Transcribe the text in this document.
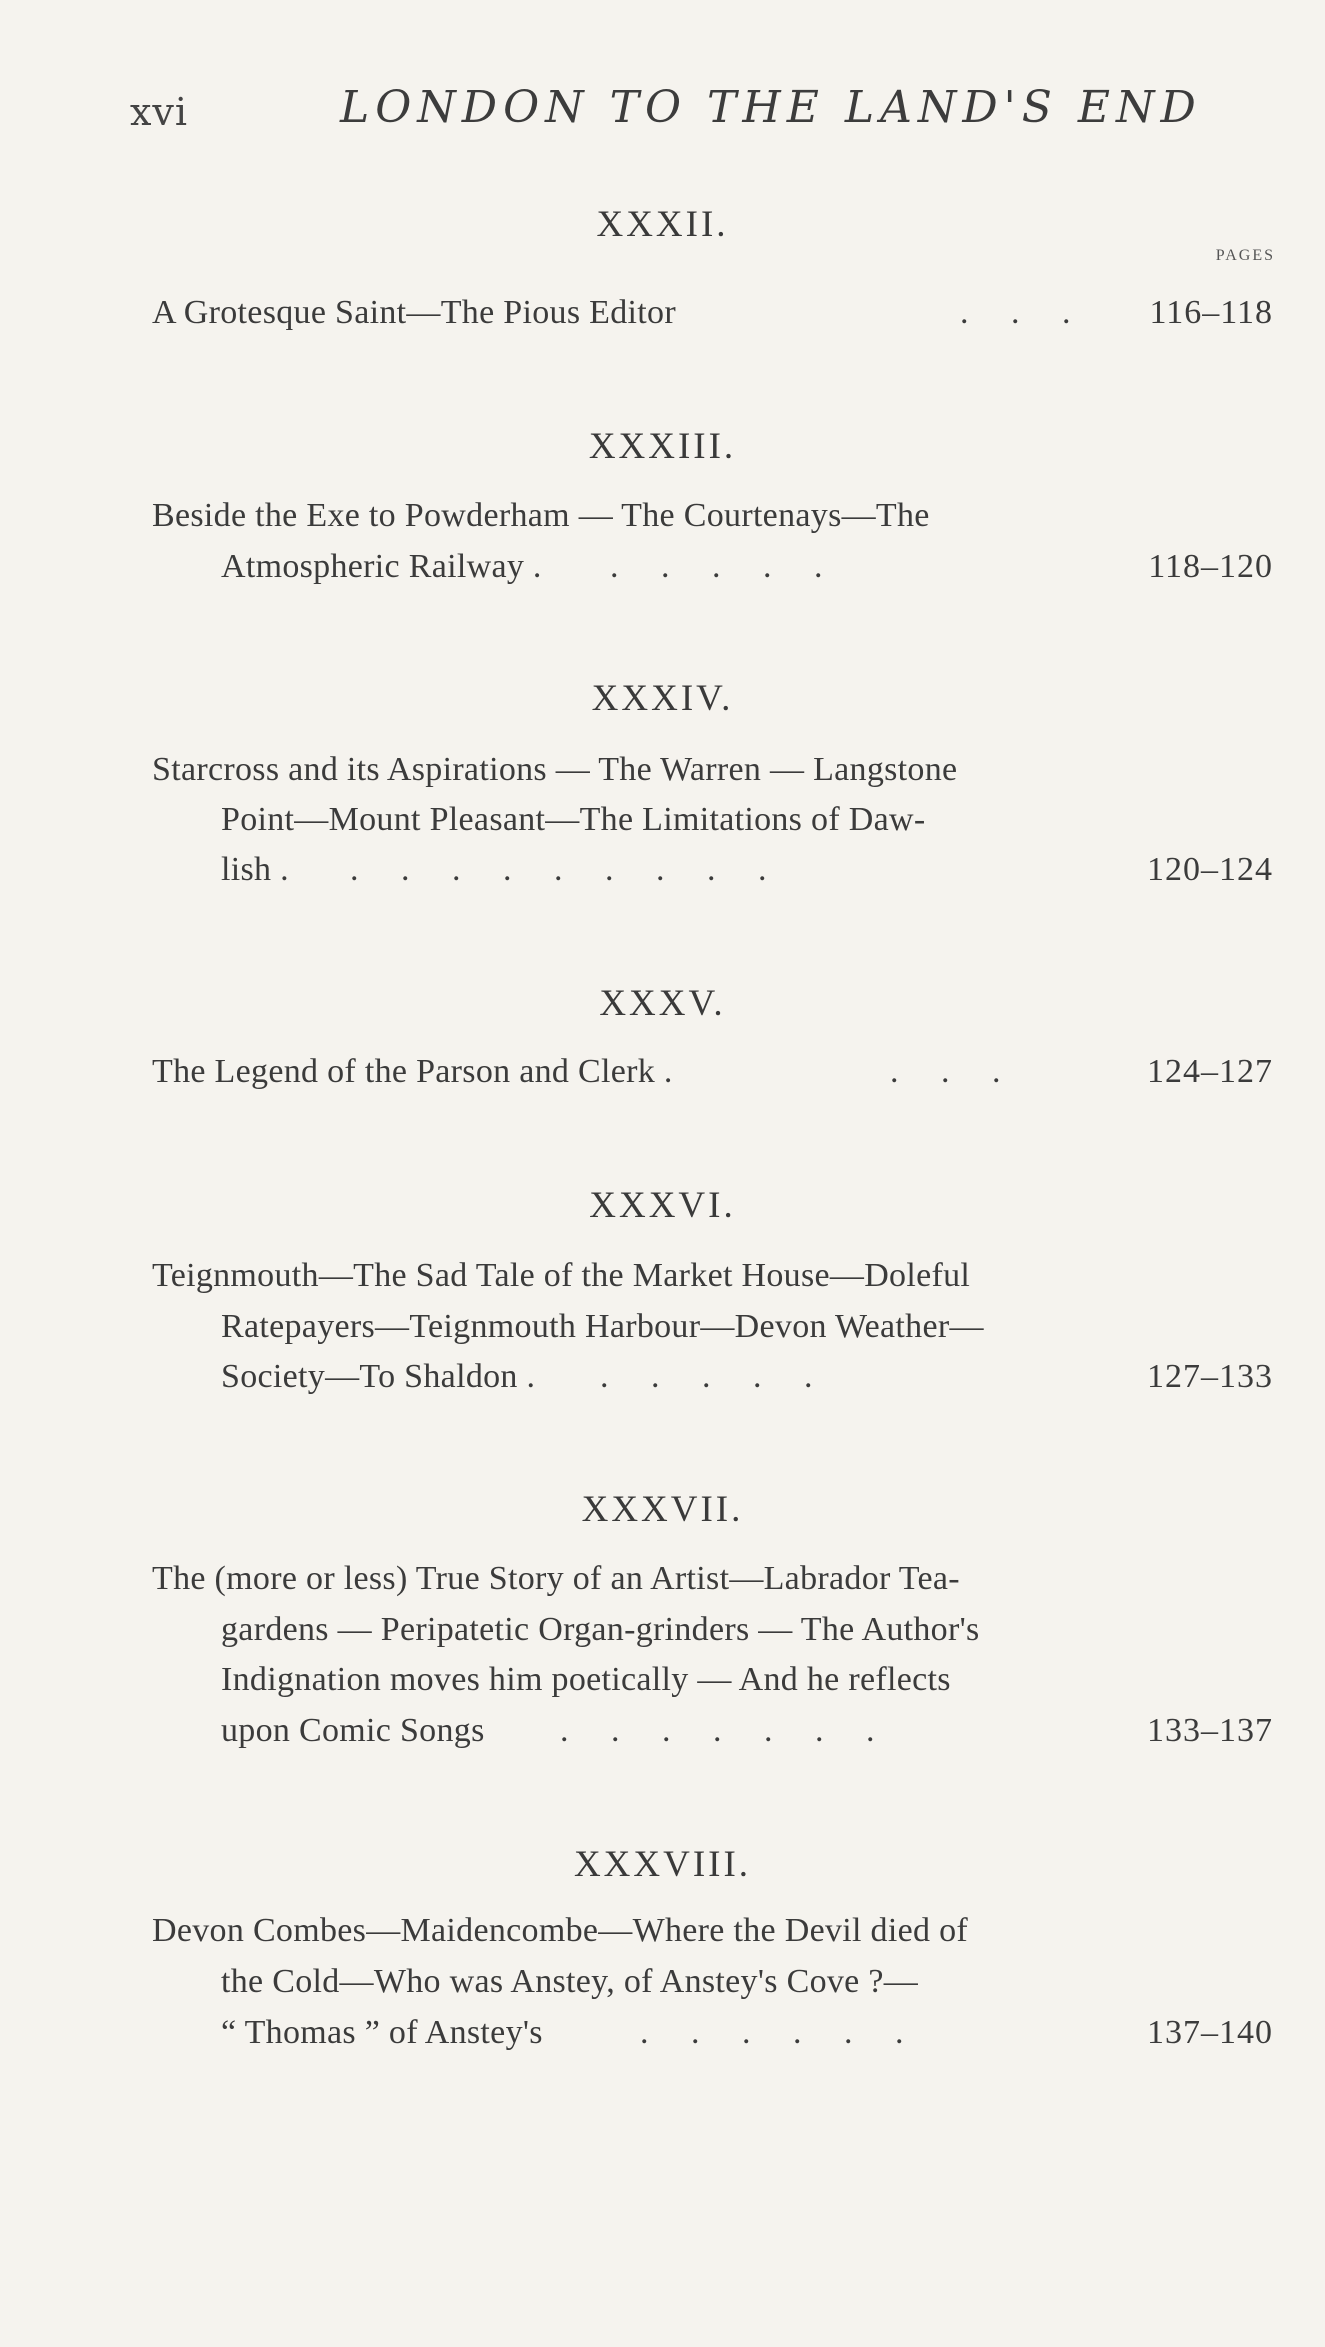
xvi	LONDON TO THE LAND'S END
XXXII.
PAGES
A Grotesque Saint—The Pious Editor	.     .     . 116–118
XXXIII.
Beside the Exe to Powderham — The Courtenays—The
Atmospheric Railway . .     .     .     .     .	118–120
XXXIV.
Starcross and its Aspirations — The Warren — Langstone
Point—Mount Pleasant—The Limitations of Daw-
lish . .     .     .     .     .     .     .     .     .	120–124
XXXV.
The Legend of the Parson and Clerk .	.     .     .	124–127
XXXVI.
Teignmouth—The Sad Tale of the Market House—Doleful
Ratepayers—Teignmouth Harbour—Devon Weather—
Society—To Shaldon . .     .     .     .     .	127–133
XXXVII.
The (more or less) True Story of an Artist—Labrador Tea-
gardens — Peripatetic Organ-grinders — The Author's
Indignation moves him poetically — And he reflects
upon Comic Songs .     .     .     .     .     .     .	133–137
XXXVIII.
Devon Combes—Maidencombe—Where the Devil died of
the Cold—Who was Anstey, of Anstey's Cove ?—
“ Thomas ” of Anstey's	.     .     .     .     .     .	137–140
